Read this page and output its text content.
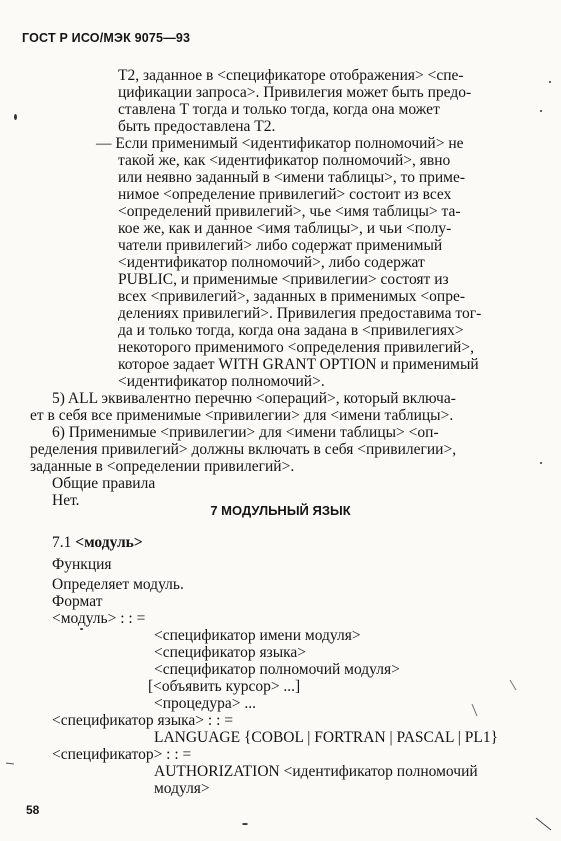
ГОСТ Р ИСО/МЭК 9075—93
T2, заданное в <спецификаторе отображения> <спе-
цификации запроса>. Привилегия может быть предо-
ставлена T тогда и только тогда, когда она может
быть предоставлена T2.
— Если применимый <идентификатор полномочий> не
такой же, как <идентификатор полномочий>, явно
или неявно заданный в <имени таблицы>, то приме-
нимое <определение привилегий> состоит из всех
<определений привилегий>, чье <имя таблицы> та-
кое же, как и данное <имя таблицы>, и чьи <полу-
чатели привилегий> либо содержат применимый
<идентификатор полномочий>, либо содержат
PUBLIC, и применимые <привилегии> состоят из
всех <привилегий>, заданных в применимых <опре-
делениях привилегий>. Привилегия предоставима тог-
да и только тогда, когда она задана в <привилегиях>
некоторого применимого <определения привилегий>,
которое задает WITH GRANT OPTION и применимый
<идентификатор полномочий>.
5) ALL эквивалентно перечню <операций>, который включа-
ет в себя все применимые <привилегии> для <имени таблицы>.
6) Применимые <привилегии> для <имени таблицы> <оп-
ределения привилегий> должны включать в себя <привилегии>,
заданные в <определении привилегий>.
Общие правила
Нет.
7 МОДУЛЬНЫЙ ЯЗЫК
7.1 <модуль>
Функция
Определяет модуль.
Формат
<модуль> : : =
<спецификатор имени модуля>
<спецификатор языка>
<спецификатор полномочий модуля>
[<объявить курсор> ...]
<процедура> ...
<спецификатор языка> : : =
LANGUAGE {COBOL | FORTRAN | PASCAL | PL1}
<спецификатор> : : =
AUTHORIZATION <идентификатор полномочий
модуля>
58
